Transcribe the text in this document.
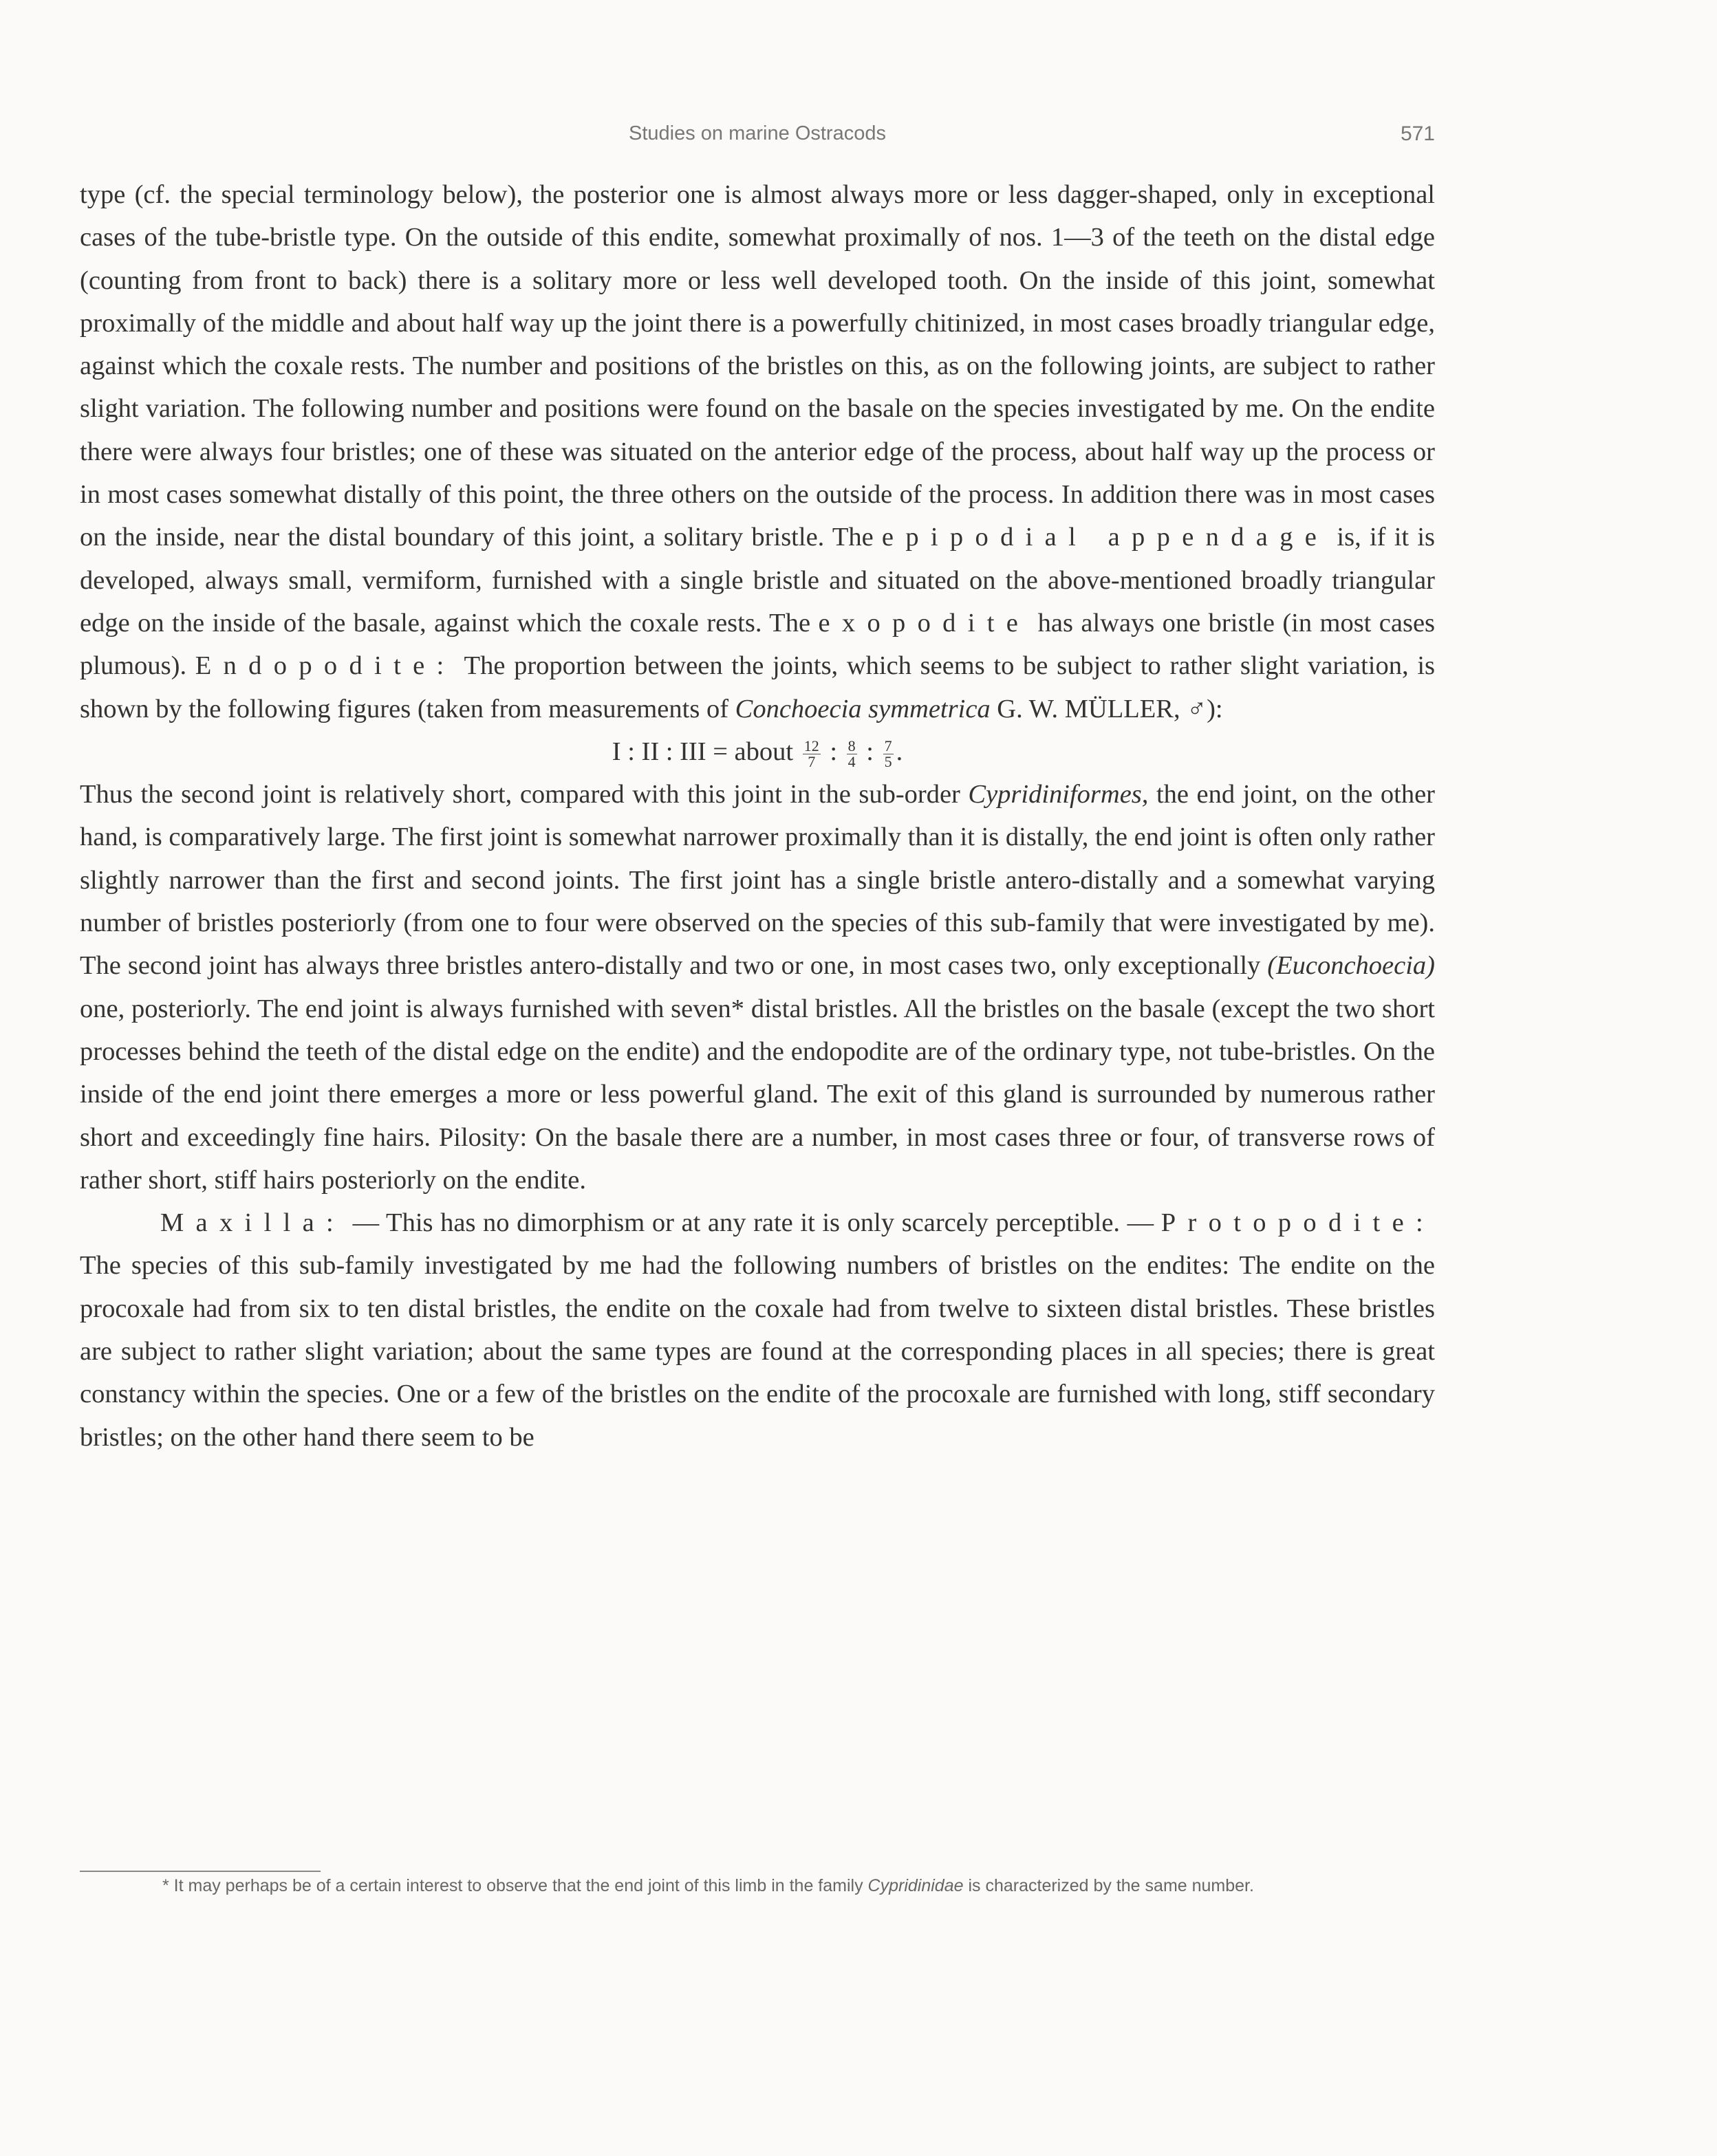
Studies on marine Ostracods	571

type (cf. the special terminology below), the posterior one is almost always more or less dagger-shaped, only in exceptional cases of the tube-bristle type. On the outside of this endite, somewhat proximally of nos. 1—3 of the teeth on the distal edge (counting from front to back) there is a solitary more or less well developed tooth. On the inside of this joint, somewhat proximally of the middle and about half way up the joint there is a powerfully chitinized, in most cases broadly triangular edge, against which the coxale rests. The number and positions of the bristles on this, as on the following joints, are subject to rather slight variation. The following number and positions were found on the basale on the species investigated by me. On the endite there were always four bristles; one of these was situated on the anterior edge of the process, about half way up the process or in most cases somewhat distally of this point, the three others on the outside of the process. In addition there was in most cases on the inside, near the distal boundary of this joint, a solitary bristle. The epipodial appendage is, if it is developed, always small, vermiform, furnished with a single bristle and situated on the above-mentioned broadly triangular edge on the inside of the basale, against which the coxale rests. The exopodite has always one bristle (in most cases plumous). Endopodite: The proportion between the joints, which seems to be subject to rather slight variation, is shown by the following figures (taken from measurements of Conchoecia symmetrica G. W. MÜLLER, ♂):

I : II : III = about $\frac{12}{7}$ : $\frac{8}{4}$ : $\frac{7}{5}$ .

Thus the second joint is relatively short, compared with this joint in the sub-order Cypridiniformes, the end joint, on the other hand, is comparatively large. The first joint is somewhat narrower proximally than it is distally, the end joint is often only rather slightly narrower than the first and second joints. The first joint has a single bristle antero-distally and a somewhat varying number of bristles posteriorly (from one to four were observed on the species of this sub-family that were investigated by me). The second joint has always three bristles antero-distally and two or one, in most cases two, only exceptionally (Euconchoecia) one, posteriorly. The end joint is always furnished with seven* distal bristles. All the bristles on the basale (except the two short processes behind the teeth of the distal edge on the endite) and the endopodite are of the ordinary type, not tube-bristles. On the inside of the end joint there emerges a more or less powerful gland. The exit of this gland is surrounded by numerous rather short and exceedingly fine hairs. Pilosity: On the basale there are a number, in most cases three or four, of transverse rows of rather short, stiff hairs posteriorly on the endite.

Maxilla: — This has no dimorphism or at any rate it is only scarcely perceptible. — Protopodite: The species of this sub-family investigated by me had the following numbers of bristles on the endites: The endite on the procoxale had from six to ten distal bristles, the endite on the coxale had from twelve to sixteen distal bristles. These bristles are subject to rather slight variation; about the same types are found at the corresponding places in all species; there is great constancy within the species. One or a few of the bristles on the endite of the procoxale are furnished with long, stiff secondary bristles; on the other hand there seem to be

* It may perhaps be of a certain interest to observe that the end joint of this limb in the family Cypridinidae is characterized by the same number.
